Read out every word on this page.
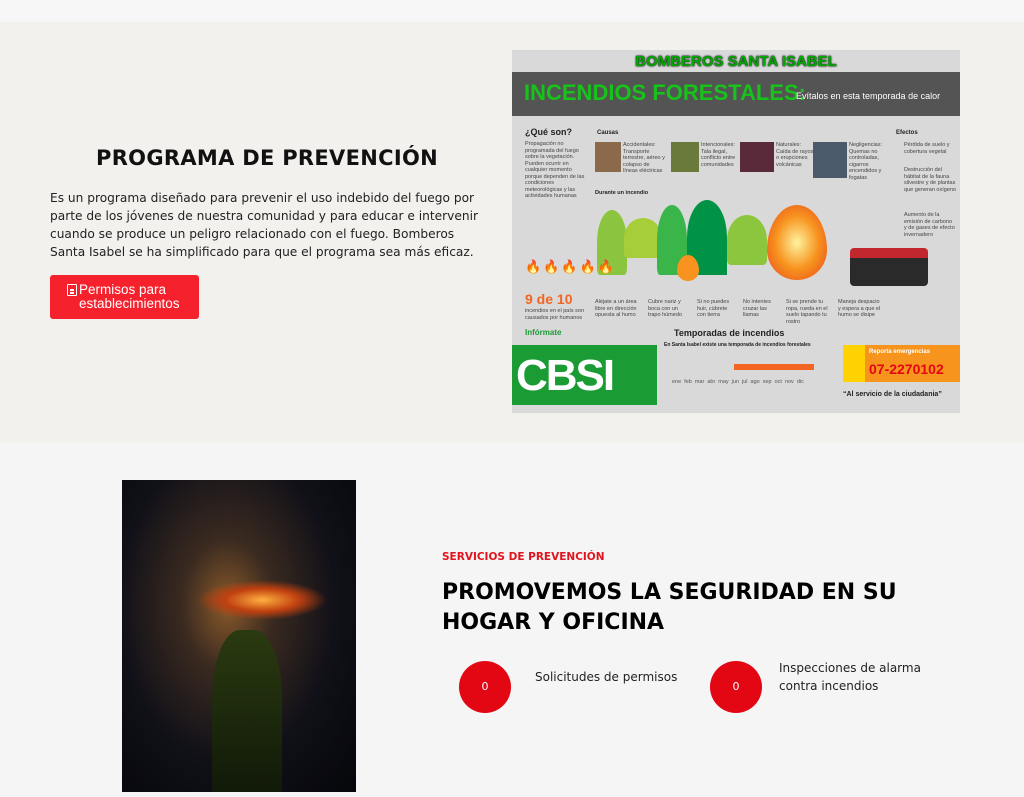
PROGRAMA DE PREVENCIÓN

Es un programa diseñado para prevenir el uso indebido del fuego por parte de los jóvenes de nuestra comunidad y para educar e intervenir cuando se produce un peligro relacionado con el fuego. Bomberos Santa Isabel se ha simplificado para que el programa sea más eficaz.

Permisos para establecimientos
BOMBEROS SANTA ISABEL
INCENDIOS FORESTALES:
Evítalos en esta temporada de calor
¿Qué son?
Propagación no programada del fuego sobre la vegetación. Pueden ocurrir en cualquier momento porque dependen de las condiciones meteorológicas y las actividades humanas
Causas
Accidentales: Transporte terrestre, aéreo y colapso de líneas eléctricas
Intencionales: Tala ilegal, conflicto entre comunidades
Naturales: Caída de rayos o erupciones volcánicas
Negligencias: Quemas no controladas, cigarros encendidos y fogatas
Efectos
Pérdida de suelo y cobertura vegetal
Destrucción del hábitat de la fauna silvestre y de plantas que generan oxígeno
Aumento de la emisión de carbono y de gases de efecto invernadero
Durante un incendio
🔥🔥🔥🔥🔥
9 de 10
incendios en el país son causados por humanos
Aléjate a un área libre en dirección opuesta al humo
Cubre nariz y boca con un trapo húmedo
Si no puedes huir, cúbrete con tierra
No intentes cruzar las llamas
Si se prende tu ropa, rueda en el suelo tapando tu rostro
Maneja despacio y espera a que el humo se disipe
Infórmate
CBSI
Temporadas de incendios
En Santa Isabel existe una temporada de incendios forestales
ene feb mar abr may jun jul ago sep oct nov dic
Reporta emergencias
07-2270102
“Al servicio de la ciudadania”
SERVICIOS DE PREVENCIÓN
PROMOVEMOS LA SEGURIDAD EN SU HOGAR Y OFICINA
0
Solicitudes de permisos
0
Inspecciones de alarma contra incendios
